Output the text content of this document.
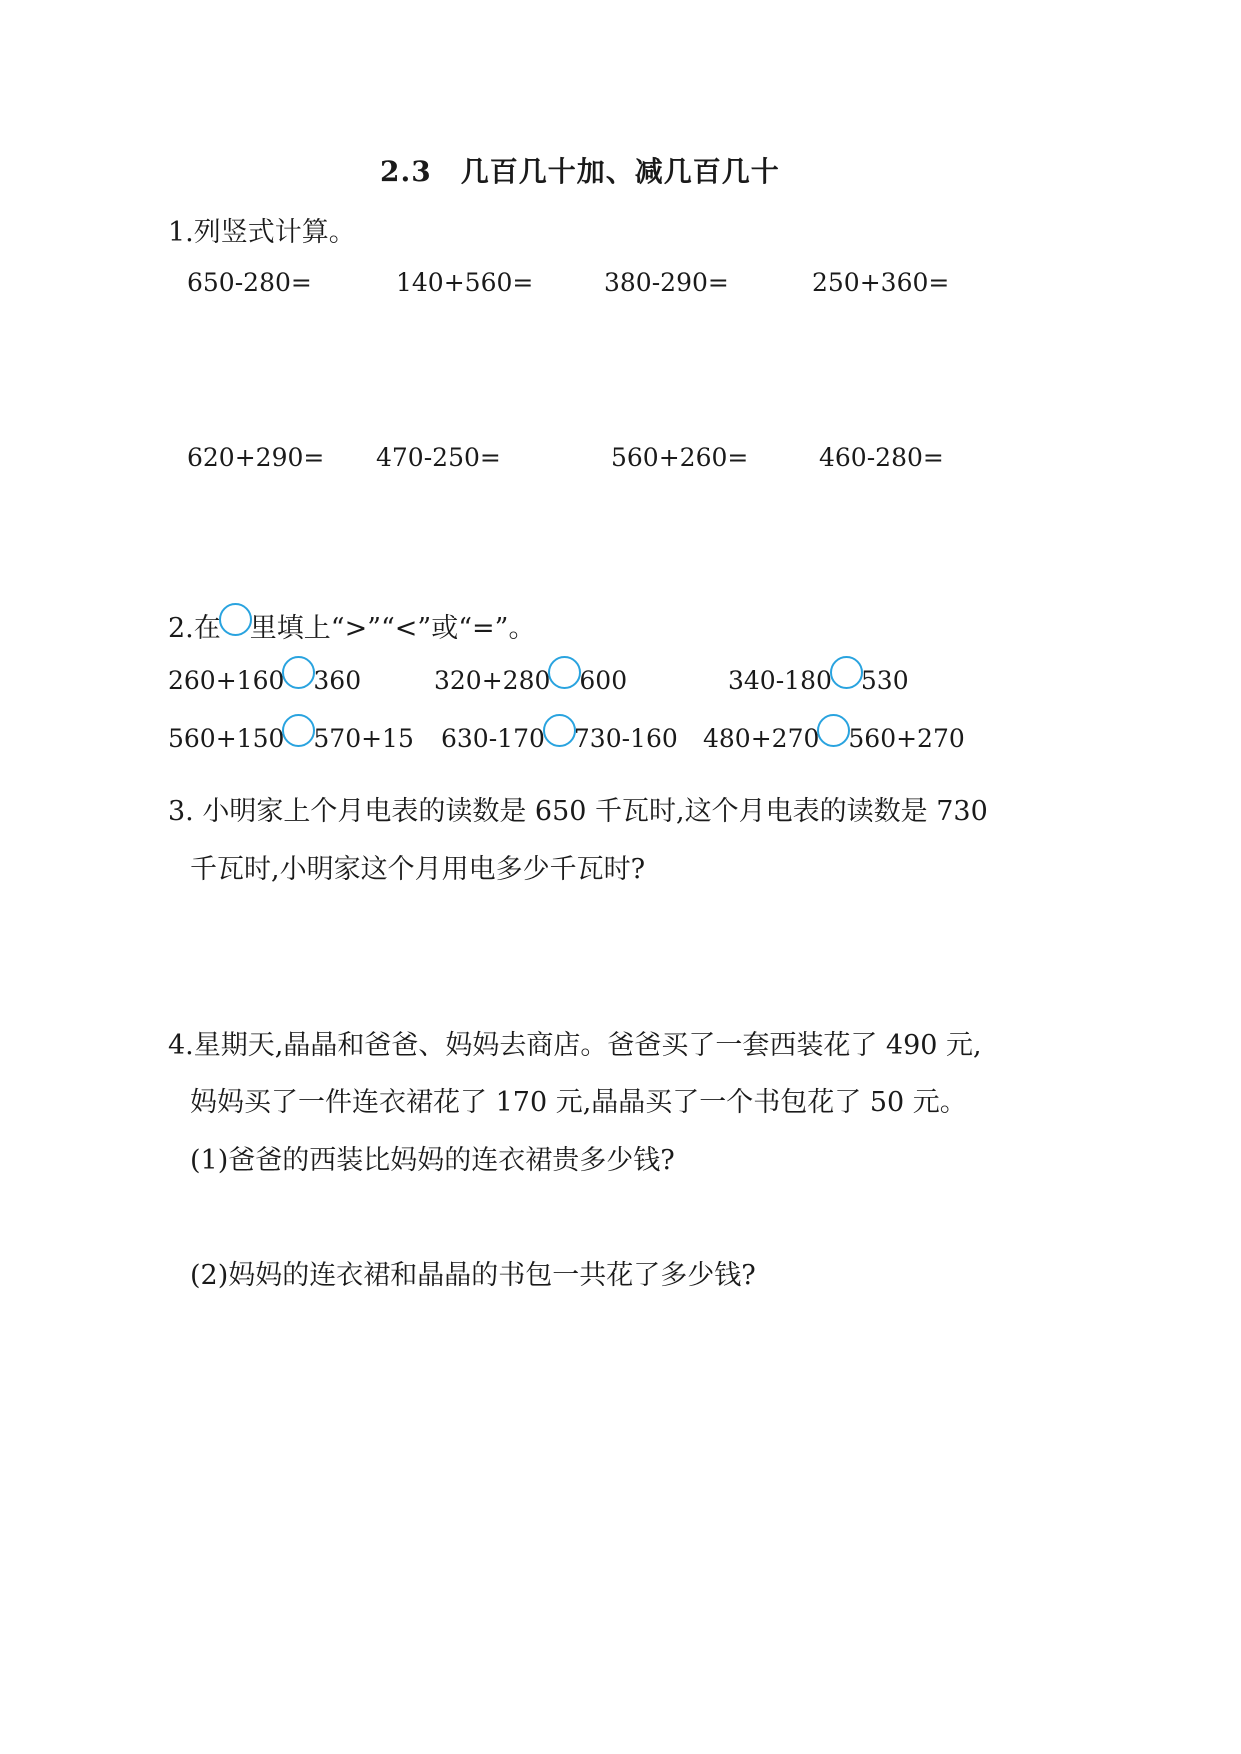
2.3　几百几十加、减几百几十
1.列竖式计算。
650-280=	140+560=	380-290=	250+360=
620+290= 470-250=	560+260=	460-280=
2.在 里填上“>”“<”或“=”。
260+160 360	320+280 600	340-180 530
560+150 570+15 630-170 730-160 480+270 560+270
3. 小明家上个月电表的读数是 650 千瓦时,这个月电表的读数是 730
千瓦时,小明家这个月用电多少千瓦时?
4.星期天,晶晶和爸爸、妈妈去商店。爸爸买了一套西装花了 490 元,
妈妈买了一件连衣裙花了 170 元,晶晶买了一个书包花了 50 元。
(1)爸爸的西装比妈妈的连衣裙贵多少钱?
(2)妈妈的连衣裙和晶晶的书包一共花了多少钱?
